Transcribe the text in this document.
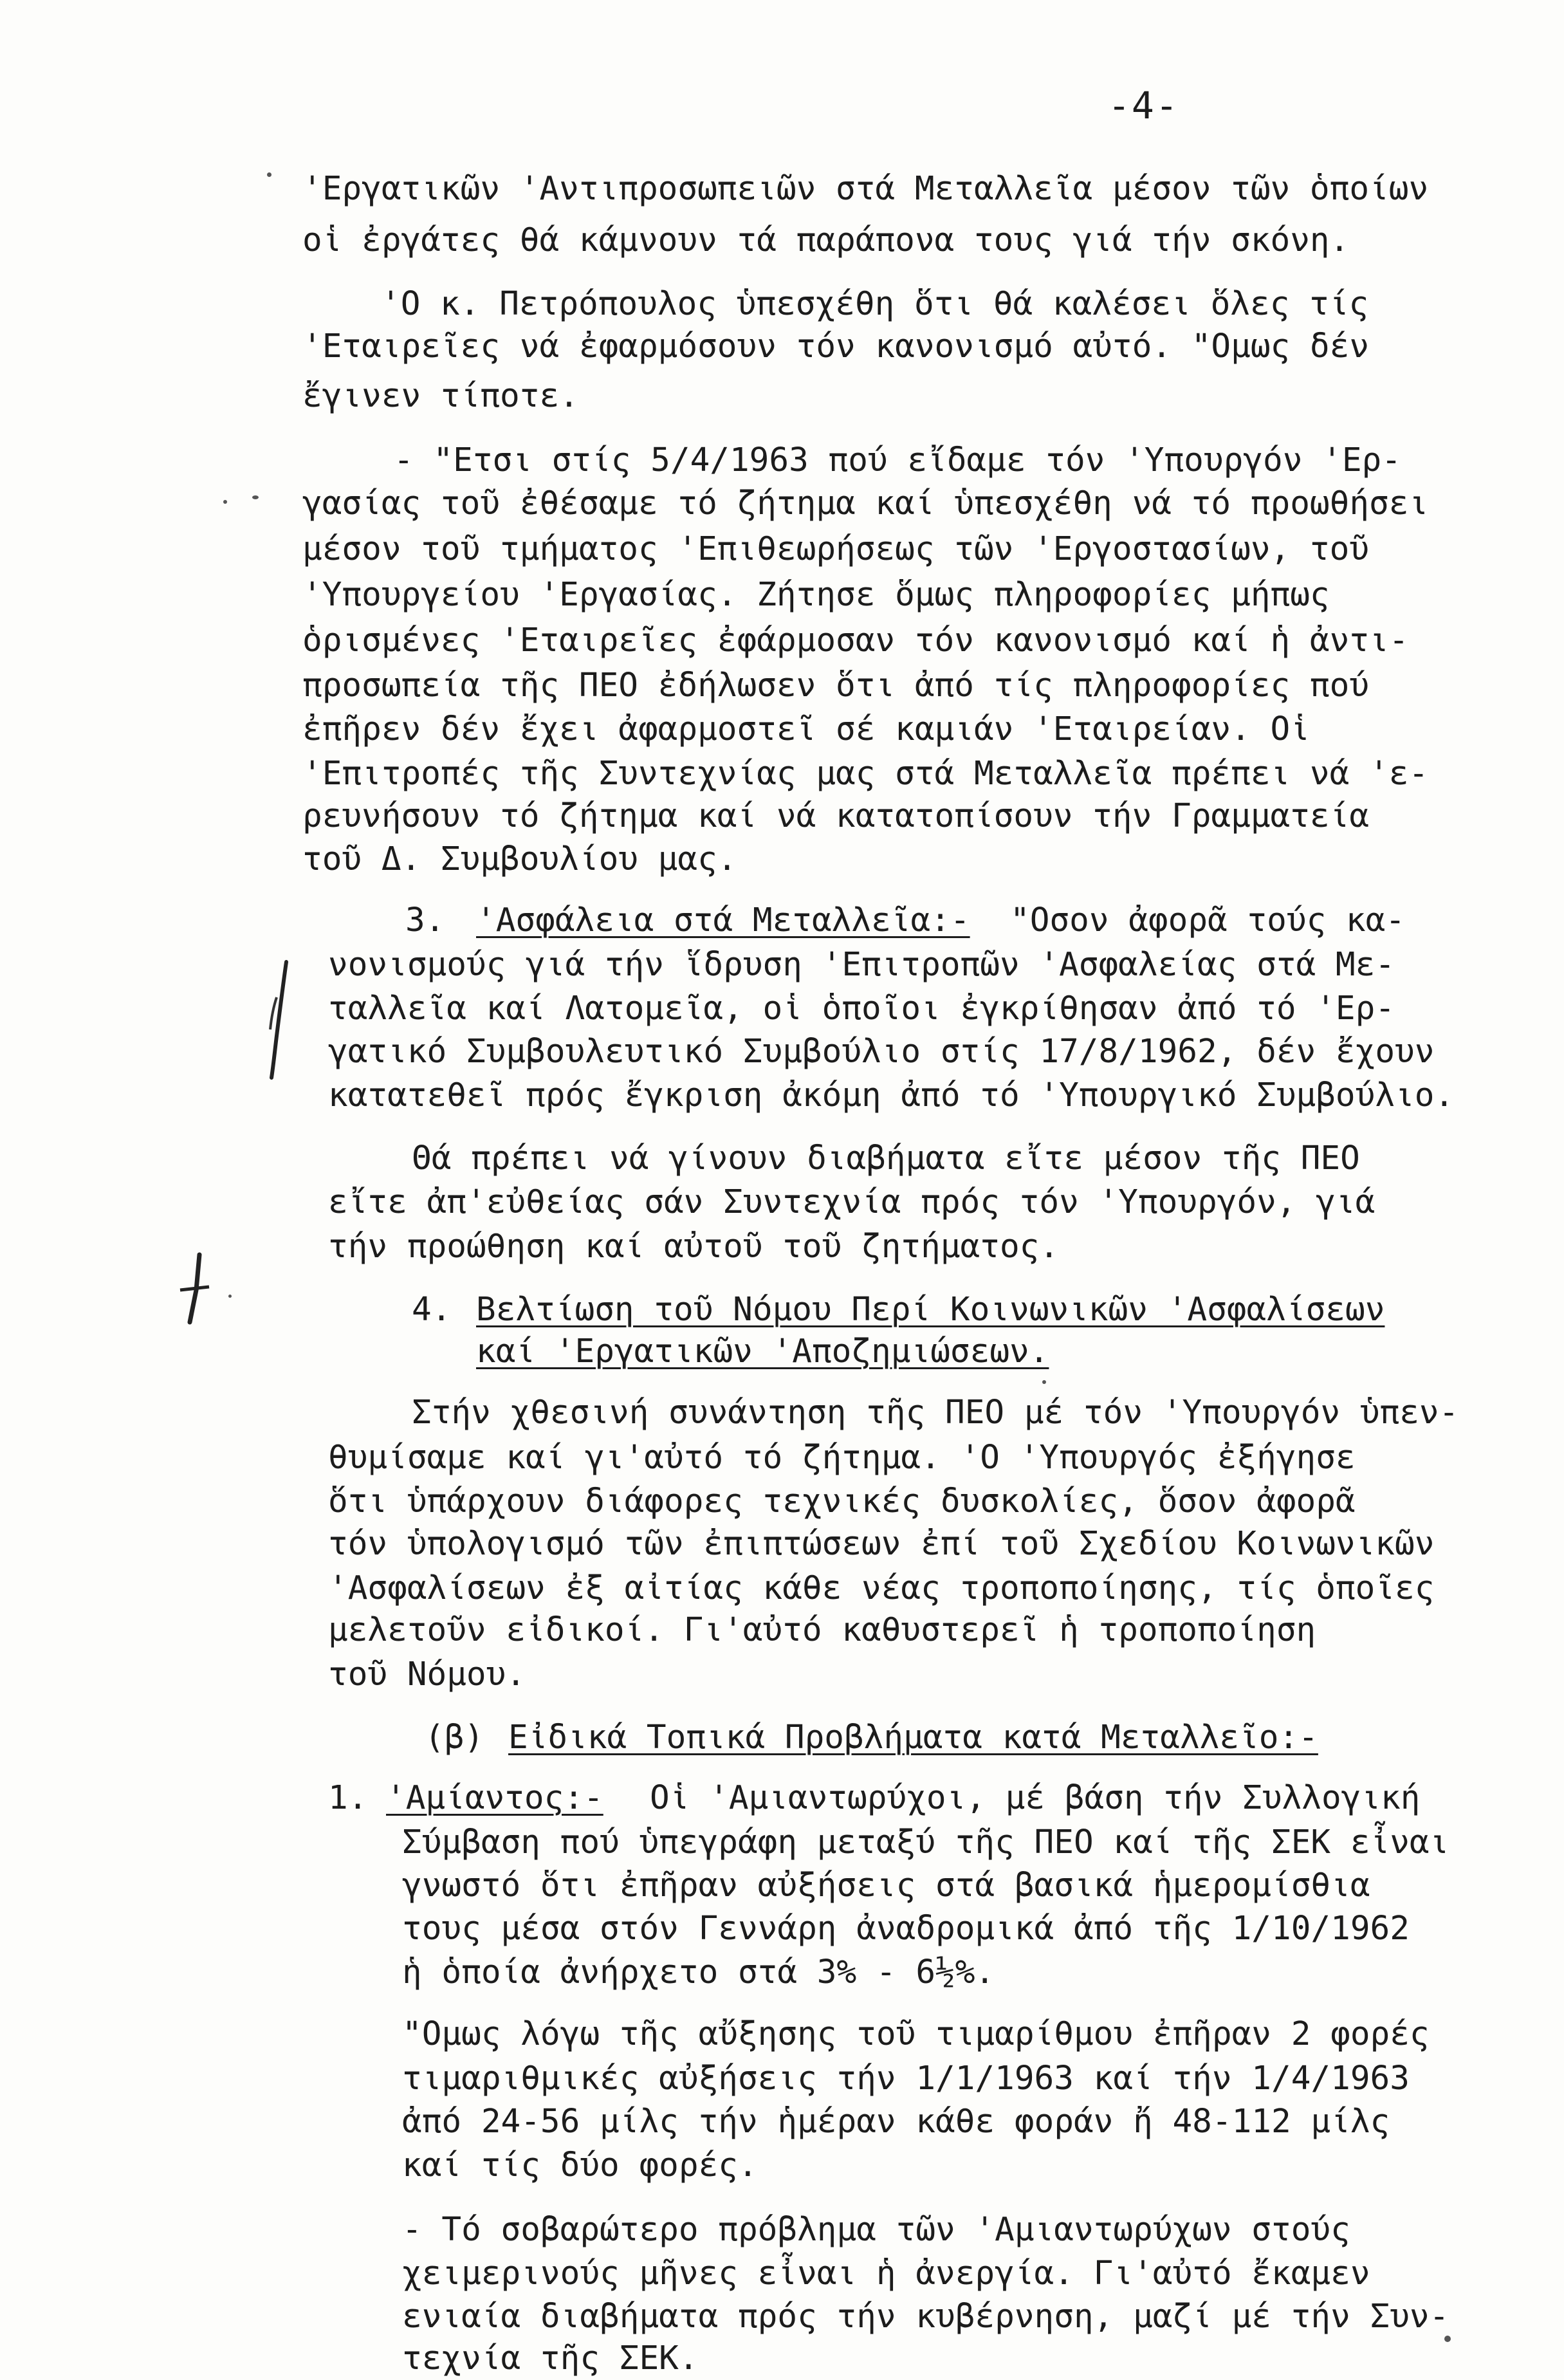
-4-
'Εργατικῶν 'Αντιπροσωπειῶν στά Μεταλλεῖα μέσον τῶν ὁποίων
οἱ ἐργάτες θά κάμνουν τά παράπονα τους γιά τήν σκόνη.
'Ο κ. Πετρόπουλος ὑπεσχέθη ὅτι θά καλέσει ὅλες τίς
'Εταιρεῖες νά ἐφαρμόσουν τόν κανονισμό αὐτό. "Ομως δέν
ἔγινεν τίποτε.
- "Ετσι στίς 5/4/1963 πού εἴδαμε τόν 'Υπουργόν 'Ερ-
γασίας τοῦ ἐθέσαμε τό ζήτημα καί ὑπεσχέθη νά τό προωθήσει
μέσον τοῦ τμήματος 'Επιθεωρήσεως τῶν 'Εργοστασίων, τοῦ
'Υπουργείου 'Εργασίας. Ζήτησε ὅμως πληροφορίες μήπως
ὁρισμένες 'Εταιρεῖες ἐφάρμοσαν τόν κανονισμό καί ἡ ἀντι-
προσωπεία τῆς ΠΕΟ ἐδήλωσεν ὅτι ἀπό τίς πληροφορίες πού
ἐπῆρεν δέν ἔχει ἀφαρμοστεῖ σέ καμιάν 'Εταιρείαν. Οἱ
'Επιτροπές τῆς Συντεχνίας μας στά Μεταλλεῖα πρέπει νά 'ε-
ρευνήσουν τό ζήτημα καί νά κατατοπίσουν τήν Γραμματεία
τοῦ Δ. Συμβουλίου μας.
3. 'Ασφάλεια στά Μεταλλεῖα:- "Οσον ἀφορᾶ τούς κα-
νονισμούς γιά τήν ἵδρυση 'Επιτροπῶν 'Ασφαλείας στά Με-
ταλλεῖα καί Λατομεῖα, οἱ ὁποῖοι ἐγκρίθησαν ἀπό τό 'Ερ-
γατικό Συμβουλευτικό Συμβούλιο στίς 17/8/1962, δέν ἔχουν
κατατεθεῖ πρός ἔγκριση ἀκόμη ἀπό τό 'Υπουργικό Συμβούλιο.
Θά πρέπει νά γίνουν διαβήματα εἴτε μέσον τῆς ΠΕΟ
εἴτε ἀπ'εὐθείας σάν Συντεχνία πρός τόν 'Υπουργόν, γιά
τήν προώθηση καί αὐτοῦ τοῦ ζητήματος.
4. Βελτίωση τοῦ Νόμου Περί Κοινωνικῶν 'Ασφαλίσεων
καί 'Εργατικῶν 'Αποζημιώσεων.
Στήν χθεσινή συνάντηση τῆς ΠΕΟ μέ τόν 'Υπουργόν ὑπεν-
θυμίσαμε καί γι'αὐτό τό ζήτημα. 'Ο 'Υπουργός ἐξήγησε
ὅτι ὑπάρχουν διάφορες τεχνικές δυσκολίες, ὅσον ἀφορᾶ
τόν ὑπολογισμό τῶν ἐπιπτώσεων ἐπί τοῦ Σχεδίου Κοινωνικῶν
'Ασφαλίσεων ἐξ αἰτίας κάθε νέας τροποποίησης, τίς ὁποῖες
μελετοῦν εἰδικοί. Γι'αὐτό καθυστερεῖ ἡ τροποποίηση
τοῦ Νόμου.
(β) Εἰδικά Τοπικά Προβλήματα κατά Μεταλλεῖο:-
1. 'Αμίαντος:- Οἱ 'Αμιαντωρύχοι, μέ βάση τήν Συλλογική
Σύμβαση πού ὑπεγράφη μεταξύ τῆς ΠΕΟ καί τῆς ΣΕΚ εἶναι
γνωστό ὅτι ἐπῆραν αὐξήσεις στά βασικά ἡμερομίσθια
τους μέσα στόν Γεννάρη ἀναδρομικά ἀπό τῆς 1/10/1962
ἡ ὁποία ἀνήρχετο στά 3% - 6½%.
"Ομως λόγω τῆς αὔξησης τοῦ τιμαρίθμου ἐπῆραν 2 φορές
τιμαριθμικές αὐξήσεις τήν 1/1/1963 καί τήν 1/4/1963
ἀπό 24-56 μίλς τήν ἡμέραν κάθε φοράν ἤ 48-112 μίλς
καί τίς δύο φορές.
- Τό σοβαρώτερο πρόβλημα τῶν 'Αμιαντωρύχων στούς
χειμερινούς μῆνες εἶναι ἡ ἀνεργία. Γι'αὐτό ἔκαμεν
ενιαία διαβήματα πρός τήν κυβέρνηση, μαζί μέ τήν Συν-
τεχνία τῆς ΣΕΚ.
